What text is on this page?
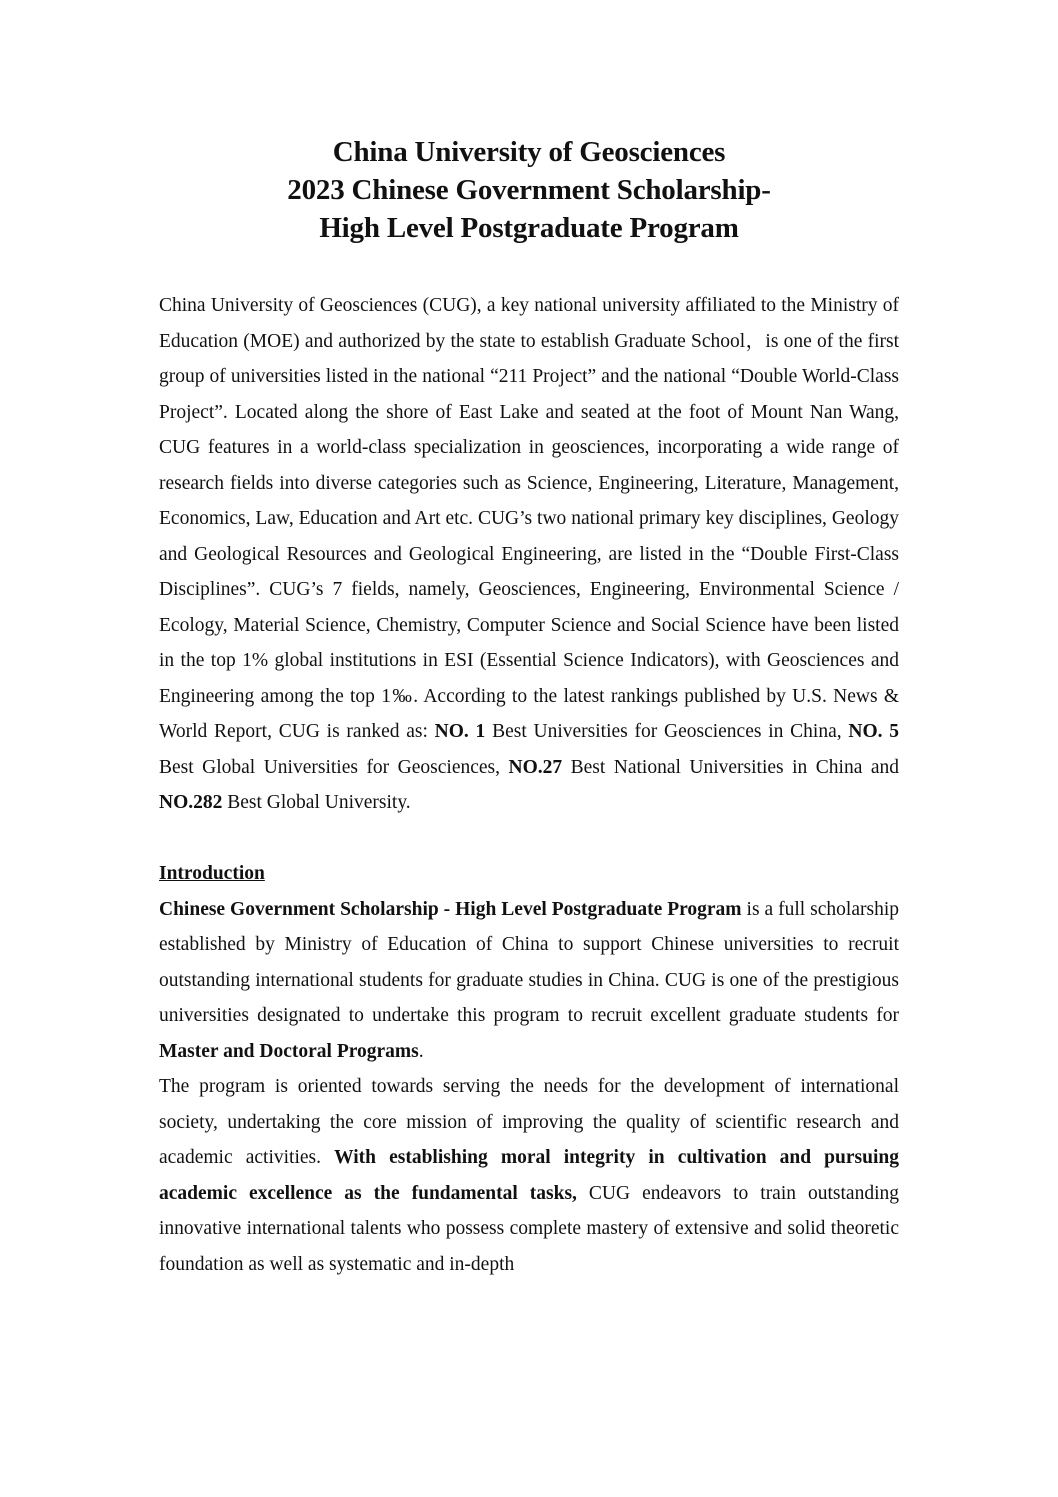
China University of Geosciences
2023 Chinese Government Scholarship-
High Level Postgraduate Program

China University of Geosciences (CUG), a key national university affiliated to the Ministry of Education (MOE) and authorized by the state to establish Graduate School，is one of the first group of universities listed in the national “211 Project” and the national “Double World-Class Project”. Located along the shore of East Lake and seated at the foot of Mount Nan Wang, CUG features in a world-class specialization in geosciences, incorporating a wide range of research fields into diverse categories such as Science, Engineering, Literature, Management, Economics, Law, Education and Art etc. CUG’s two national primary key disciplines, Geology and Geological Resources and Geological Engineering, are listed in the “Double First-Class Disciplines”. CUG’s 7 fields, namely, Geosciences, Engineering, Environmental Science / Ecology, Material Science, Chemistry, Computer Science and Social Science have been listed in the top 1% global institutions in ESI (Essential Science Indicators), with Geosciences and Engineering among the top 1‰. According to the latest rankings published by U.S. News & World Report, CUG is ranked as: NO. 1 Best Universities for Geosciences in China, NO. 5 Best Global Universities for Geosciences, NO.27 Best National Universities in China and NO.282 Best Global University.

Introduction

Chinese Government Scholarship - High Level Postgraduate Program is a full scholarship established by Ministry of Education of China to support Chinese universities to recruit outstanding international students for graduate studies in China. CUG is one of the prestigious universities designated to undertake this program to recruit excellent graduate students for Master and Doctoral Programs.

The program is oriented towards serving the needs for the development of international society, undertaking the core mission of improving the quality of scientific research and academic activities. With establishing moral integrity in cultivation and pursuing academic excellence as the fundamental tasks, CUG endeavors to train outstanding innovative international talents who possess complete mastery of extensive and solid theoretic foundation as well as systematic and in-depth
